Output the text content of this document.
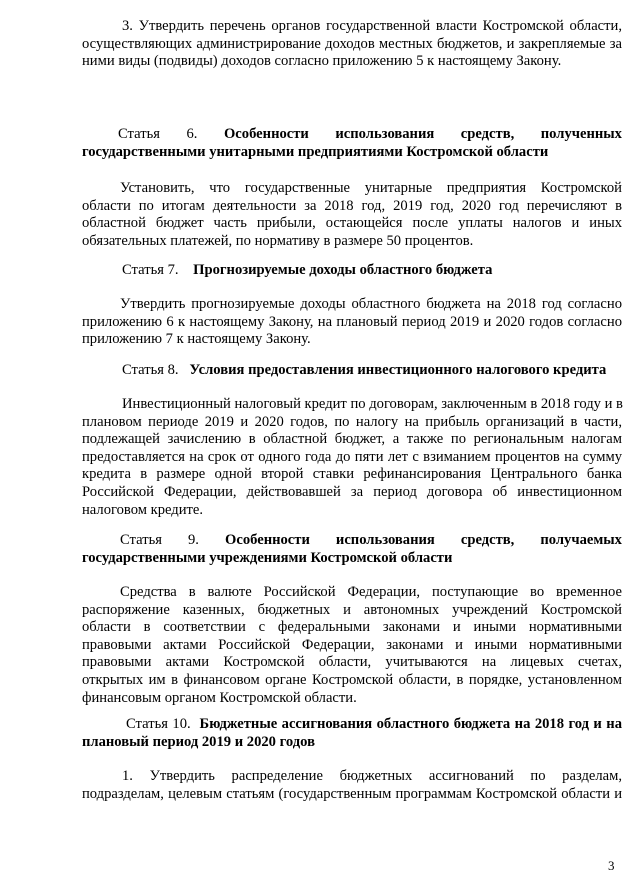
3. Утвердить перечень органов государственной власти Костромской области,
осуществляющих администрирование доходов местных бюджетов, и закрепляемые за
ними виды (подвиды) доходов согласно приложению 5 к настоящему Закону.
Статья 6. Особенности использования средств, полученных
государственными унитарными предприятиями Костромской области
Установить, что государственные унитарные предприятия Костромской
области по итогам деятельности за 2018 год, 2019 год, 2020 год перечисляют в
областной бюджет часть прибыли, остающейся после уплаты налогов и иных
обязательных платежей, по нормативу в размере 50 процентов.
Статья 7. Прогнозируемые доходы областного бюджета
Утвердить прогнозируемые доходы областного бюджета на 2018 год согласно
приложению 6 к настоящему Закону, на плановый период 2019 и 2020 годов согласно
приложению 7 к настоящему Закону.
Статья 8. Условия предоставления инвестиционного налогового кредита
Инвестиционный налоговый кредит по договорам, заключенным в 2018 году и в
плановом периоде 2019 и 2020 годов, по налогу на прибыль организаций в части,
подлежащей зачислению в областной бюджет, а также по региональным налогам
предоставляется на срок от одного года до пяти лет с взиманием процентов на сумму
кредита в размере одной второй ставки рефинансирования Центрального банка
Российской Федерации, действовавшей за период договора об инвестиционном
налоговом кредите.
Статья 9. Особенности использования средств, получаемых
государственными учреждениями Костромской области
Средства в валюте Российской Федерации, поступающие во временное
распоряжение казенных, бюджетных и автономных учреждений Костромской
области в соответствии с федеральными законами и иными нормативными
правовыми актами Российской Федерации, законами и иными нормативными
правовыми актами Костромской области, учитываются на лицевых счетах,
открытых им в финансовом органе Костромской области, в порядке, установленном
финансовым органом Костромской области.
Статья 10. Бюджетные ассигнования областного бюджета на 2018 год и на
плановый период 2019 и 2020 годов
1. Утвердить распределение бюджетных ассигнований по разделам,
подразделам, целевым статьям (государственным программам Костромской области и
3
